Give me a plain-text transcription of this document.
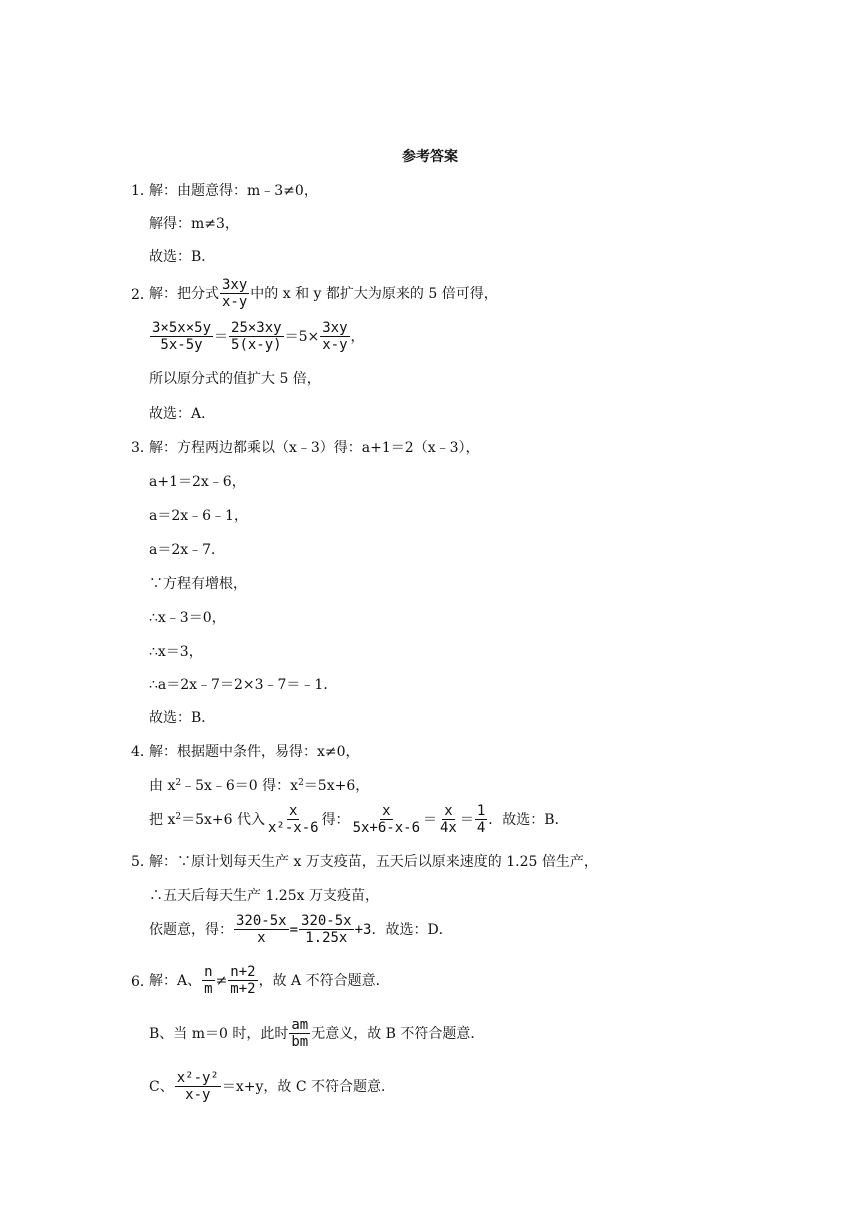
参考答案
1．
解：由题意得：m﹣3≠0，
解得：m≠3，
故选：B．
2．
解：把分式 $\frac{3xy}{x-y}$ 中的 x 和 y 都扩大为原来的 5 倍可得，
$\frac{3\times 5x\times 5y}{5x-5y} = \frac{25\times 3xy}{5(x-y)} =5\times \frac{3xy}{x-y}$ ，
所以原分式的值扩大 5 倍，
故选：A．
3．
解：方程两边都乘以（x﹣3）得：a+1＝2（x﹣3），
a+1＝2x﹣6，
a＝2x﹣6﹣1，
a＝2x﹣7．
∵方程有增根，
∴x﹣3＝0，
∴x＝3，
∴a＝2x﹣7＝2×3﹣7＝﹣1．
故选：B．
4．
解：根据题中条件，易得：x≠0，
由 $x^2$ ﹣5x﹣6＝0 得：$x^2 =5x+6$，
把 $x^2 =5x+6$ 代入 $\frac{x}{\text{x²-x-6}}$ 得： $\frac{x}{5x+6-x-6} = \frac{x}{4x} = \frac{1}{4}$ ．故选：B．
5．
解：∵原计划每天生产 x 万支疫苗，五天后以原来速度的 1.25 倍生产，
∴五天后每天生产 1.25x 万支疫苗，
依题意，得： $\frac{320-5x}{x} = \frac{320-5x}{1.25x} +3$ ．故选：D．
6．
解：A、 $\frac{n}{m} \ne \frac{n+2}{m+2}$ ，故 A 不符合题意．
B、当 m＝0 时，此时 $\frac{am}{bm}$ 无意义，故 B 不符合题意．
C、 $\frac{\text{x²-y²}}{x-y} =x+y$，故 C 不符合题意．
